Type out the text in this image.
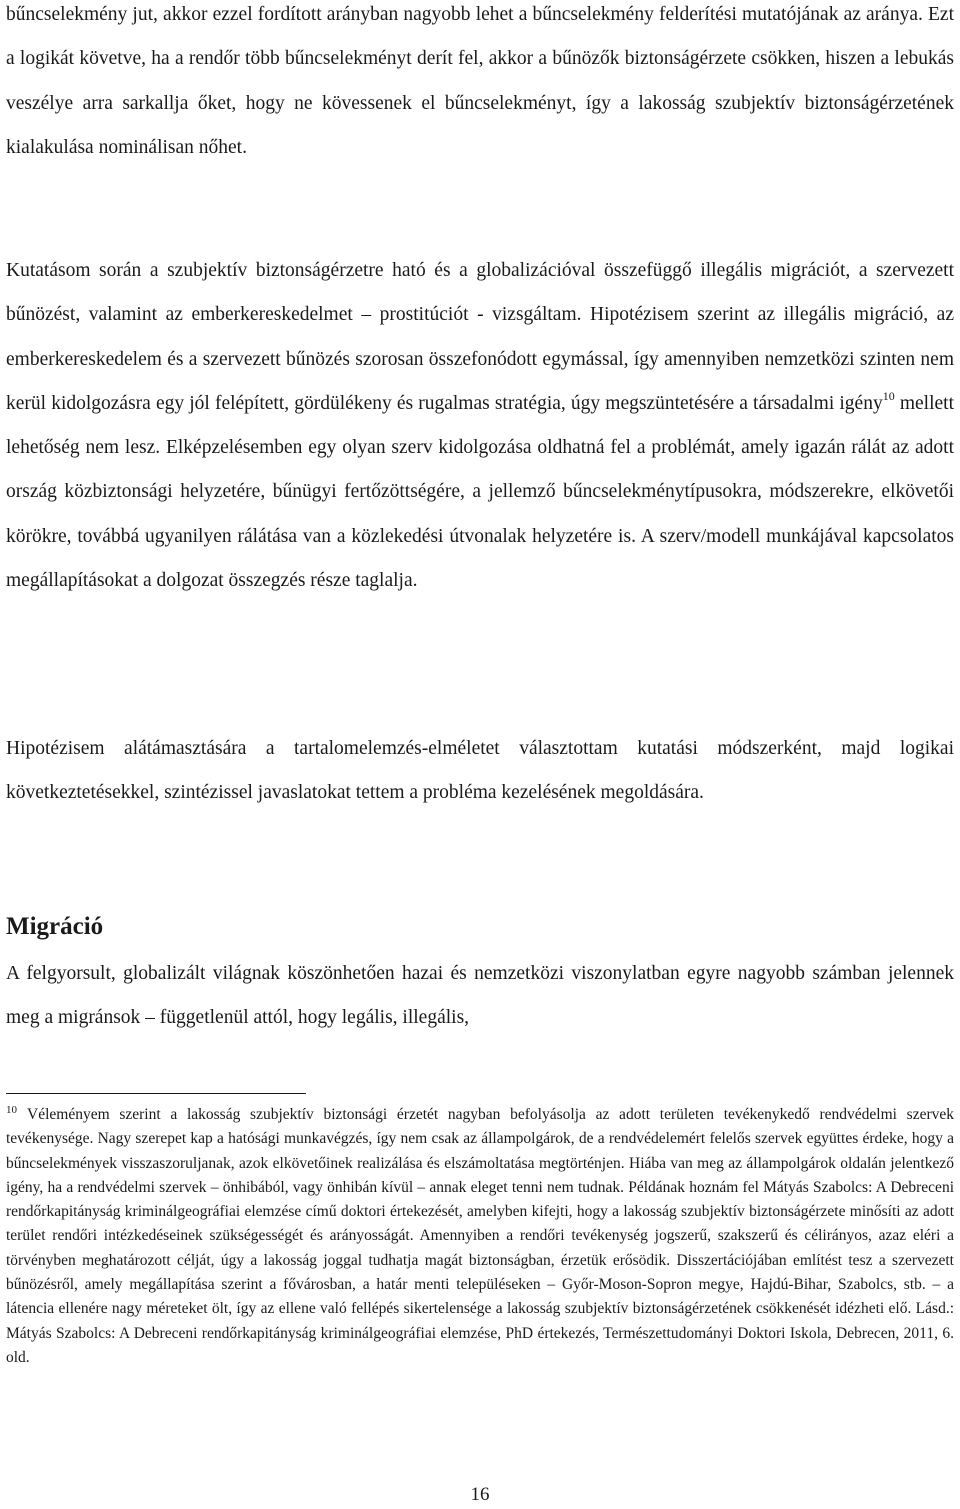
bűncselekmény jut, akkor ezzel fordított arányban nagyobb lehet a bűncselekmény felderítési mutatójának az aránya. Ezt a logikát követve, ha a rendőr több bűncselekményt derít fel, akkor a bűnözők biztonságérzete csökken, hiszen a lebukás veszélye arra sarkallja őket, hogy ne kövessenek el bűncselekményt, így a lakosság szubjektív biztonságérzetének kialakulása nominálisan nőhet.

Kutatásom során a szubjektív biztonságérzetre ható és a globalizációval összefüggő illegális migrációt, a szervezett bűnözést, valamint az emberkereskedelmet – prostitúciót - vizsgáltam. Hipotézisem szerint az illegális migráció, az emberkereskedelem és a szervezett bűnözés szorosan összefonódott egymással, így amennyiben nemzetközi szinten nem kerül kidolgozásra egy jól felépített, gördülékeny és rugalmas stratégia, úgy megszüntetésére a társadalmi igény$^{10}$ mellett lehetőség nem lesz. Elképzelésemben egy olyan szerv kidolgozása oldhatná fel a problémát, amely igazán rálát az adott ország közbiztonsági helyzetére, bűnügyi fertőzöttségére, a jellemző bűncselekménytípusokra, módszerekre, elkövetői körökre, továbbá ugyanilyen rálátása van a közlekedési útvonalak helyzetére is. A szerv/modell munkájával kapcsolatos megállapításokat a dolgozat összegzés része taglalja.

Hipotézisem alátámasztására a tartalomelemzés-elméletet választottam kutatási módszerként, majd logikai következtetésekkel, szintézissel javaslatokat tettem a probléma kezelésének megoldására.

Migráció

A felgyorsult, globalizált világnak köszönhetően hazai és nemzetközi viszonylatban egyre nagyobb számban jelennek meg a migránsok – függetlenül attól, hogy legális, illegális,

$^{10}$ Véleményem szerint a lakosság szubjektív biztonsági érzetét nagyban befolyásolja az adott területen tevékenykedő rendvédelmi szervek tevékenysége. Nagy szerepet kap a hatósági munkavégzés, így nem csak az állampolgárok, de a rendvédelemért felelős szervek együttes érdeke, hogy a bűncselekmények visszaszoruljanak, azok elkövetőinek realizálása és elszámoltatása megtörténjen. Hiába van meg az állampolgárok oldalán jelentkező igény, ha a rendvédelmi szervek – önhibából, vagy önhibán kívül – annak eleget tenni nem tudnak. Példának hoznám fel Mátyás Szabolcs: A Debreceni rendőrkapitányság kriminálgeográfiai elemzése című doktori értekezését, amelyben kifejti, hogy a lakosság szubjektív biztonságérzete minősíti az adott terület rendőri intézkedéseinek szükségességét és arányosságát. Amennyiben a rendőri tevékenység jogszerű, szakszerű és célirányos, azaz eléri a törvényben meghatározott célját, úgy a lakosság joggal tudhatja magát biztonságban, érzetük erősödik. Disszertációjában említést tesz a szervezett bűnözésről, amely megállapítása szerint a fővárosban, a határ menti településeken – Győr-Moson-Sopron megye, Hajdú-Bihar, Szabolcs, stb. – a látencia ellenére nagy méreteket ölt, így az ellene való fellépés sikertelensége a lakosság szubjektív biztonságérzetének csökkenését idézheti elő. Lásd.: Mátyás Szabolcs: A Debreceni rendőrkapitányság kriminálgeográfiai elemzése, PhD értekezés, Természettudományi Doktori Iskola, Debrecen, 2011, 6. old.

16
